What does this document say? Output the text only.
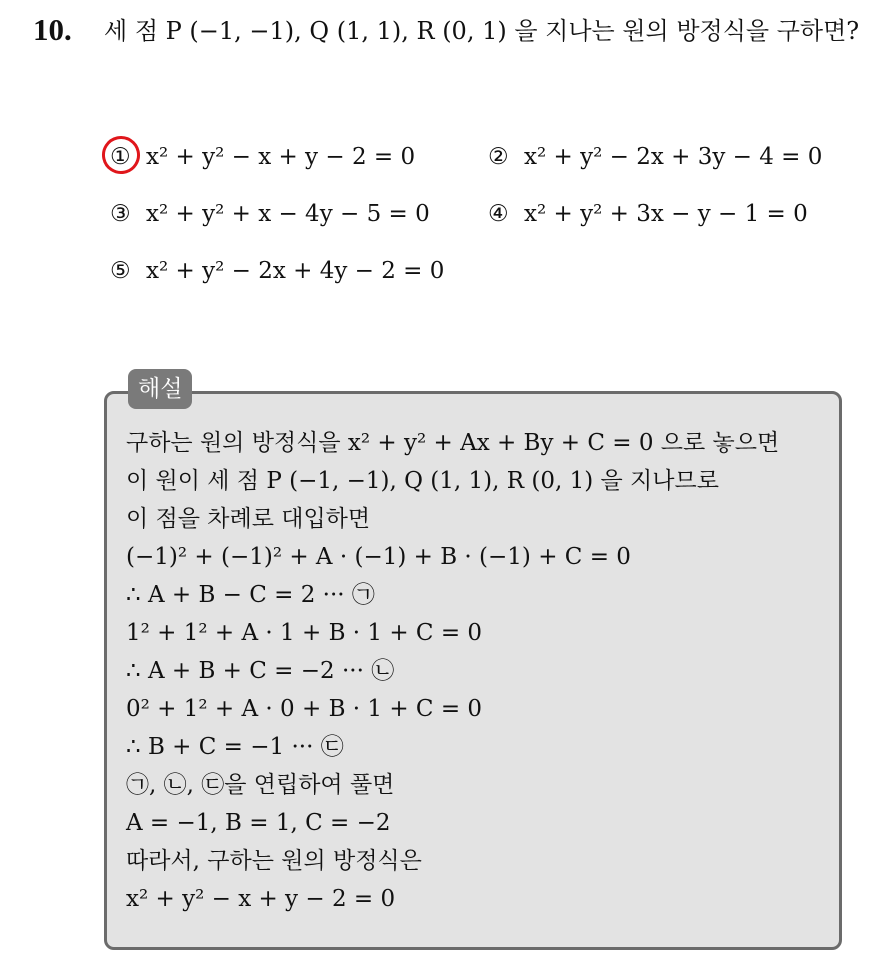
10. 세 점 P (−1, −1), Q (1, 1), R (0, 1) 을 지나는 원의 방정식을 구하면?
① x² + y² − x + y − 2 = 0	② x² + y² − 2x + 3y − 4 = 0
③ x² + y² + x − 4y − 5 = 0	④ x² + y² + 3x − y − 1 = 0
⑤ x² + y² − 2x + 4y − 2 = 0
해설
구하는 원의 방정식을 x² + y² + Ax + By + C = 0 으로 놓으면
이 원이 세 점 P (−1, −1), Q (1, 1), R (0, 1) 을 지나므로
이 점을 차례로 대입하면
(−1)² + (−1)² + A · (−1) + B · (−1) + C = 0
∴ A + B − C = 2 ··· ㉠
1² + 1² + A · 1 + B · 1 + C = 0
∴ A + B + C = −2 ··· ㉡
0² + 1² + A · 0 + B · 1 + C = 0
∴ B + C = −1 ··· ㉢
㉠, ㉡, ㉢을 연립하여 풀면
A = −1, B = 1, C = −2
따라서, 구하는 원의 방정식은
x² + y² − x + y − 2 = 0
